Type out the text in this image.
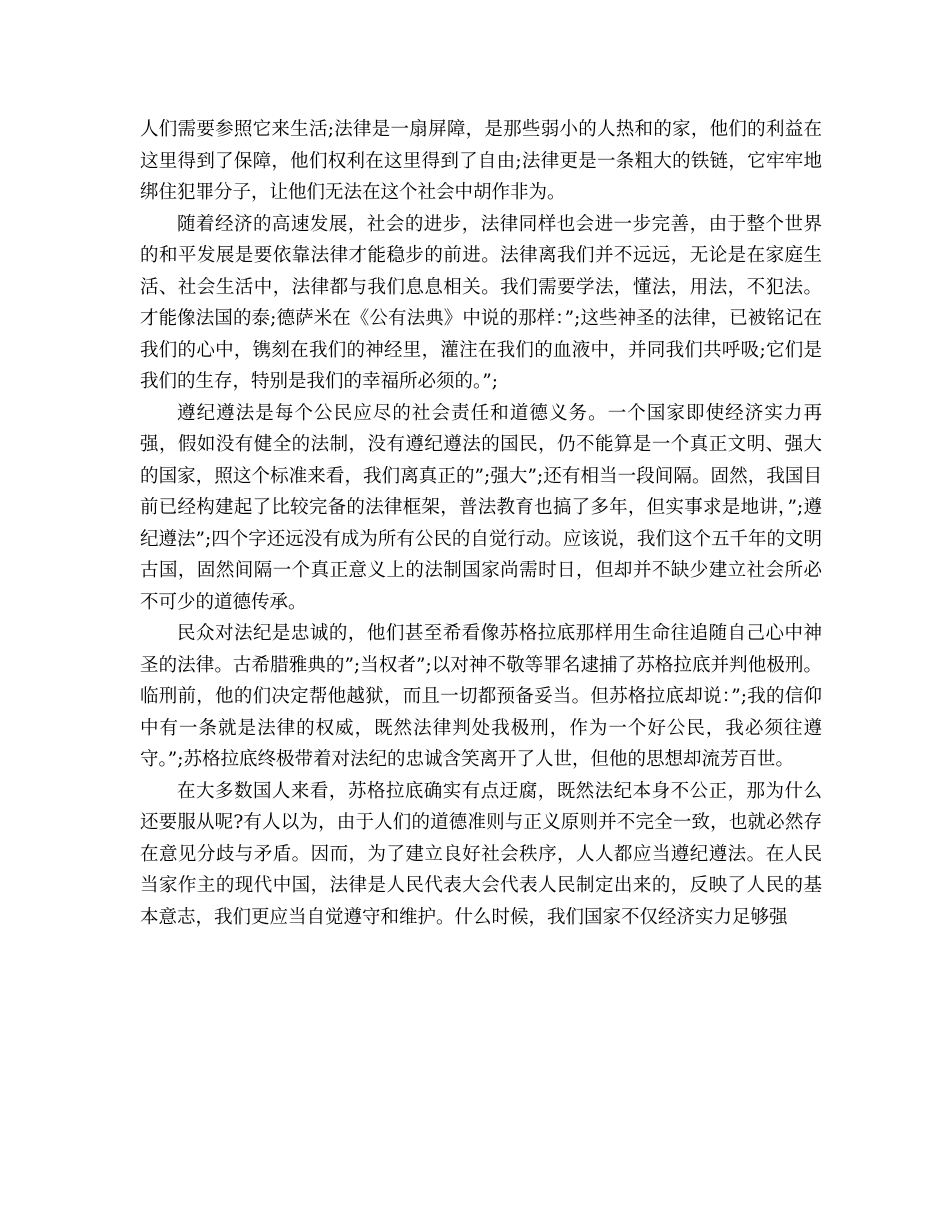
人们需要参照它来生活;法律是一扇屏障，是那些弱小的人热和的家，他们的利益在这里得到了保障，他们权利在这里得到了自由;法律更是一条粗大的铁链，它牢牢地绑住犯罪分子，让他们无法在这个社会中胡作非为。

随着经济的高速发展，社会的进步，法律同样也会进一步完善，由于整个世界的和平发展是要依靠法律才能稳步的前进。法律离我们并不远远，无论是在家庭生活、社会生活中，法律都与我们息息相关。我们需要学法，懂法，用法，不犯法。才能像法国的泰;德萨米在《公有法典》中说的那样：”;这些神圣的法律，已被铭记在我们的心中，镌刻在我们的神经里，灌注在我们的血液中，并同我们共呼吸;它们是我们的生存，特别是我们的幸福所必须的。”;

遵纪遵法是每个公民应尽的社会责任和道德义务。一个国家即使经济实力再强，假如没有健全的法制，没有遵纪遵法的国民，仍不能算是一个真正文明、强大的国家，照这个标准来看，我们离真正的”;强大”;还有相当一段间隔。固然，我国目前已经构建起了比较完备的法律框架，普法教育也搞了多年，但实事求是地讲，”;遵纪遵法”;四个字还远没有成为所有公民的自觉行动。应该说，我们这个五千年的文明古国，固然间隔一个真正意义上的法制国家尚需时日，但却并不缺少建立社会所必不可少的道德传承。

民众对法纪是忠诚的，他们甚至希看像苏格拉底那样用生命往追随自己心中神圣的法律。古希腊雅典的”;当权者”;以对神不敬等罪名逮捕了苏格拉底并判他极刑。临刑前，他的们决定帮他越狱，而且一切都预备妥当。但苏格拉底却说：”;我的信仰中有一条就是法律的权威，既然法律判处我极刑，作为一个好公民，我必须往遵守。”;苏格拉底终极带着对法纪的忠诚含笑离开了人世，但他的思想却流芳百世。

在大多数国人来看，苏格拉底确实有点迂腐，既然法纪本身不公正，那为什么还要服从呢?有人以为，由于人们的道德准则与正义原则并不完全一致，也就必然存在意见分歧与矛盾。因而，为了建立良好社会秩序，人人都应当遵纪遵法。在人民当家作主的现代中国，法律是人民代表大会代表人民制定出来的，反映了人民的基本意志，我们更应当自觉遵守和维护。什么时候，我们国家不仅经济实力足够强
